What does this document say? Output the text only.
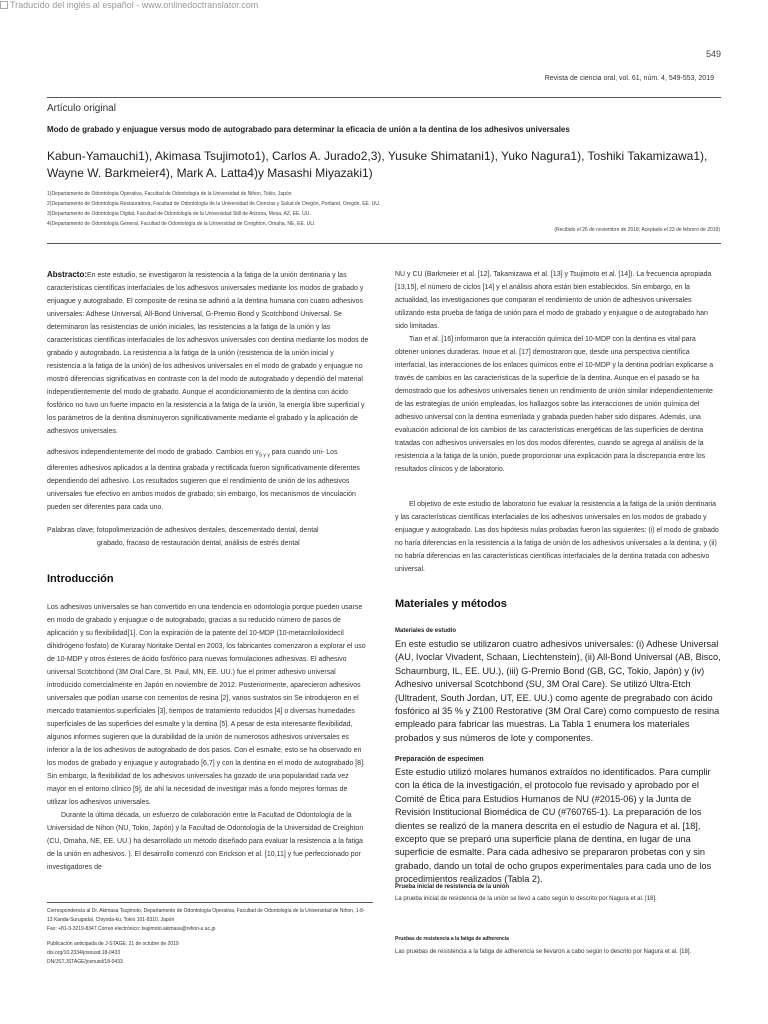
Traducido del inglés al español - www.onlinedoctranslator.com
549
Revista de ciencia oral, vol. 61, núm. 4, 549-553, 2019
Artículo original
Modo de grabado y enjuague versus modo de autograbado para determinar la eficacia de unión a la dentina de los adhesivos universales
Kabun-Yamauchi1), Akimasa Tsujimoto1), Carlos A. Jurado2,3), Yusuke Shimatani1), Yuko Nagura1), Toshiki Takamizawa1),
Wayne W. Barkmeier4), Mark A. Latta4)y Masashi Miyazaki1)
1)Departamento de Odontología Operativa, Facultad de Odontología de la Universidad de Nihon, Tokio, Japón
2)Departamento de Odontología Restauradora, Facultad de Odontología de la Universidad de Ciencias y Salud de Oregón, Portland, Oregón, EE. UU.
3)Departamento de Odontología Digital, Facultad de Odontología de la Universidad Still de Arizona, Mesa, AZ, EE. UU.
4)Departamento de Odontología General, Facultad de Odontología de la Universidad de Creighton, Omaha, NE, EE. UU.
(Recibido el 26 de noviembre de 2018; Aceptado el 23 de febrero de 2019)

Abstracto:En este estudio, se investigaron la resistencia a la fatiga de la unión dentinaria y las características científicas interfaciales de los adhesivos universales mediante los modos de grabado y enjuague y autograbado. El composite de resina se adhirió a la dentina humana con cuatro adhesivos universales: Adhese Universal, All-Bond Universal, G-Premio Bond y Scotchbond Universal. Se determinaron las resistencias de unión iniciales, las resistencias a la fatiga de la unión y las características científicas interfaciales de los adhesivos universales con dentina mediante los modos de grabado y autograbado. La resistencia a la fatiga de la unión (resistencia de la unión inicial y resistencia a la fatiga de la unión) de los adhesivos universales en el modo de grabado y enjuague no mostró diferencias significativas en contraste con la del modo de autograbado y dependió del material independientemente del modo de grabado. Aunque el acondicionamiento de la dentina con ácido fosfórico no tuvo un fuerte impacto en la resistencia a la fatiga de la unión, la energía libre superficial y los parámetros de la dentina disminuyeron significativamente mediante el grabado y la aplicación de adhesivos universales.

adhesivos independientemente del modo de grabado. Cambios en $\gamma_{S y \gamma}$ para cuando uni- Los diferentes adhesivos aplicados a la dentina grabada y rectificada fueron significativamente diferentes dependiendo del adhesivo. Los resultados sugieren que el rendimiento de unión de los adhesivos universales fue efectivo en ambos modos de grabado; sin embargo, los mecanismos de vinculación pueden ser diferentes para cada uno.

Palabras clave; fotopolimerización de adhesivos dentales, descementado dental, dental
grabado, fracaso de restauración dental, análisis de estrés dental
Introducción

Los adhesivos universales se han convertido en una tendencia en odontología porque pueden usarse en modo de grabado y enjuague o de autograbado, gracias a su reducido número de pasos de aplicación y su flexibilidad[1]. Con la expiración de la patente del 10-MDP (10-metacriloiloxidecil dihidrógeno fosfato) de Kuraray Noritake Dental en 2003, los fabricantes comenzaron a explorar el uso de 10-MDP y otros ésteres de ácido fosfórico para nuevas formulaciones adhesivas. El adhesivo universal Scotchbond (3M Oral Care, St. Paul, MN, EE. UU.) fue el primer adhesivo universal introducido comercialmente en Japón en noviembre de 2012. Posteriormente, aparecieron adhesivos universales que podían usarse con cementos de resina [2], varios sustratos sin Se introdujeron en el mercado tratamientos superficiales [3], tiempos de tratamiento reducidos [4] o diversas humedades superficiales de las superficies del esmalte y la dentina [5]. A pesar de esta interesante flexibilidad, algunos informes sugieren que la durabilidad de la unión de numerosos adhesivos universales es inferior a la de los adhesivos de autograbado de dos pasos. Con el esmalte, esto se ha observado en los modos de grabado y enjuague y autograbado [6,7] y con la dentina en el modo de autograbado [8]. Sin embargo, la flexibilidad de los adhesivos universales ha gozado de una popularidad cada vez mayor en el entorno clínico [9], de ahí la necesidad de investigar más a fondo mejores formas de utilizar los adhesivos universales.

Durante la última década, un esfuerzo de colaboración entre la Facultad de Odontología de la Universidad de Nihon (NU, Tokio, Japón) y la Facultad de Odontología de la Universidad de Creighton (CU, Omaha, NE, EE. UU.) ha desarrollado un método diseñado para evaluar la resistencia a la fatiga de la unión en adhesivos. ). El desarrollo comenzó con Erickson et al. [10,11] y fue perfeccionado por investigadores de

Correspondencia al Dr. Akimasa Tsujimoto, Departamento de Odontología Operativa, Facultad de Odontología de la Universidad de Nihon, 1-8-13 Kanda-Surugadai, Chiyoda-ku, Tokio 101-8310, Japón
Fax: +81-3-3219-8347 Correo electrónico: tsujimoto.akimasa@nihon-u.ac.jp
Publicación anticipada de J-STAGE: 21 de octubre de 2019
doi.org/10.2334/josnusd.18-0433
DN/JST.JSTAGE/josnusd/18-0433

NU y CU (Barkmeier et al. [12], Takamizawa et al. [13] y Tsujimoto et al. [14]). La frecuencia apropiada [13,15], el número de ciclos [14] y el análisis ahora están bien establecidos. Sin embargo, en la actualidad, las investigaciones que comparan el rendimiento de unión de adhesivos universales utilizando esta prueba de fatiga de unión para el modo de grabado y enjuague o de autograbado han sido limitadas.

Tian et al. [16] informaron que la interacción química del 10-MDP con la dentina es vital para obtener uniones duraderas. Inoue et al. [17] demostraron que, desde una perspectiva científica interfacial, las interacciones de los enlaces químicos entre el 10-MDP y la dentina podrían explicarse a través de cambios en las características de la superficie de la dentina. Aunque en el pasado se ha demostrado que los adhesivos universales tienen un rendimiento de unión similar independientemente de las estrategias de unión empleadas, los hallazgos sobre las interacciones de unión química del adhesivo universal con la dentina esmerilada y grabada pueden haber sido dispares. Además, una evaluación adicional de los cambios de las características energéticas de las superficies de dentina tratadas con adhesivos universales en los dos modos diferentes, cuando se agrega al análisis de la resistencia a la fatiga de la unión, puede proporcionar una explicación para la discrepancia entre los resultados clínicos y de laboratorio.

El objetivo de este estudio de laboratorio fue evaluar la resistencia a la fatiga de la unión dentinaria y las características científicas interfaciales de los adhesivos universales en los modos de grabado y enjuague y autograbado. Las dos hipótesis nulas probadas fueron las siguientes: (i) el modo de grabado no haría diferencias en la resistencia a la fatiga de unión de los adhesivos universales a la dentina, y (ii) no habría diferencias en las características científicas interfaciales de la dentina tratada con adhesivo universal.

Materiales y métodos
Materiales de estudio
En este estudio se utilizaron cuatro adhesivos universales: (i) Adhese Universal (AU, Ivoclar Vivadent, Schaan, Liechtenstein), (ii) All-Bond Universal (AB, Bisco, Schaumburg, IL, EE. UU.), (iii) G-Premio Bond (GB, GC, Tokio, Japón) y (iv) Adhesivo universal Scotchbond (SU, 3M Oral Care). Se utilizó Ultra-Etch (Ultradent, South Jordan, UT, EE. UU.) como agente de pregrabado con ácido fosfórico al 35 % y Z100 Restorative (3M Oral Care) como compuesto de resina empleado para fabricar las muestras. La Tabla 1 enumera los materiales probados y sus números de lote y componentes.
Preparación de especímen
Este estudio utilizó molares humanos extraídos no identificados. Para cumplir con la ética de la investigación, el protocolo fue revisado y aprobado por el Comité de Ética para Estudios Humanos de NU (#2015-06) y la Junta de Revisión Institucional Biomédica de CU (#760765-1). La preparación de los dientes se realizó de la manera descrita en el estudio de Nagura et al. [18], excepto que se preparó una superficie plana de dentina, en lugar de una superficie de esmalte. Para cada adhesivo se prepararon probetas con y sin grabado, dando un total de ocho grupos experimentales para cada uno de los procedimientos realizados (Tabla 2).
Prueba inicial de resistencia de la unión
La prueba inicial de resistencia de la unión se llevó a cabo según lo descrito por Nagura et al. [18].
Pruebas de resistencia a la fatiga de adherencia
Las pruebas de resistencia a la fatiga de adherencia se llevaron a cabo según lo descrito por Nagura et al. [18].
